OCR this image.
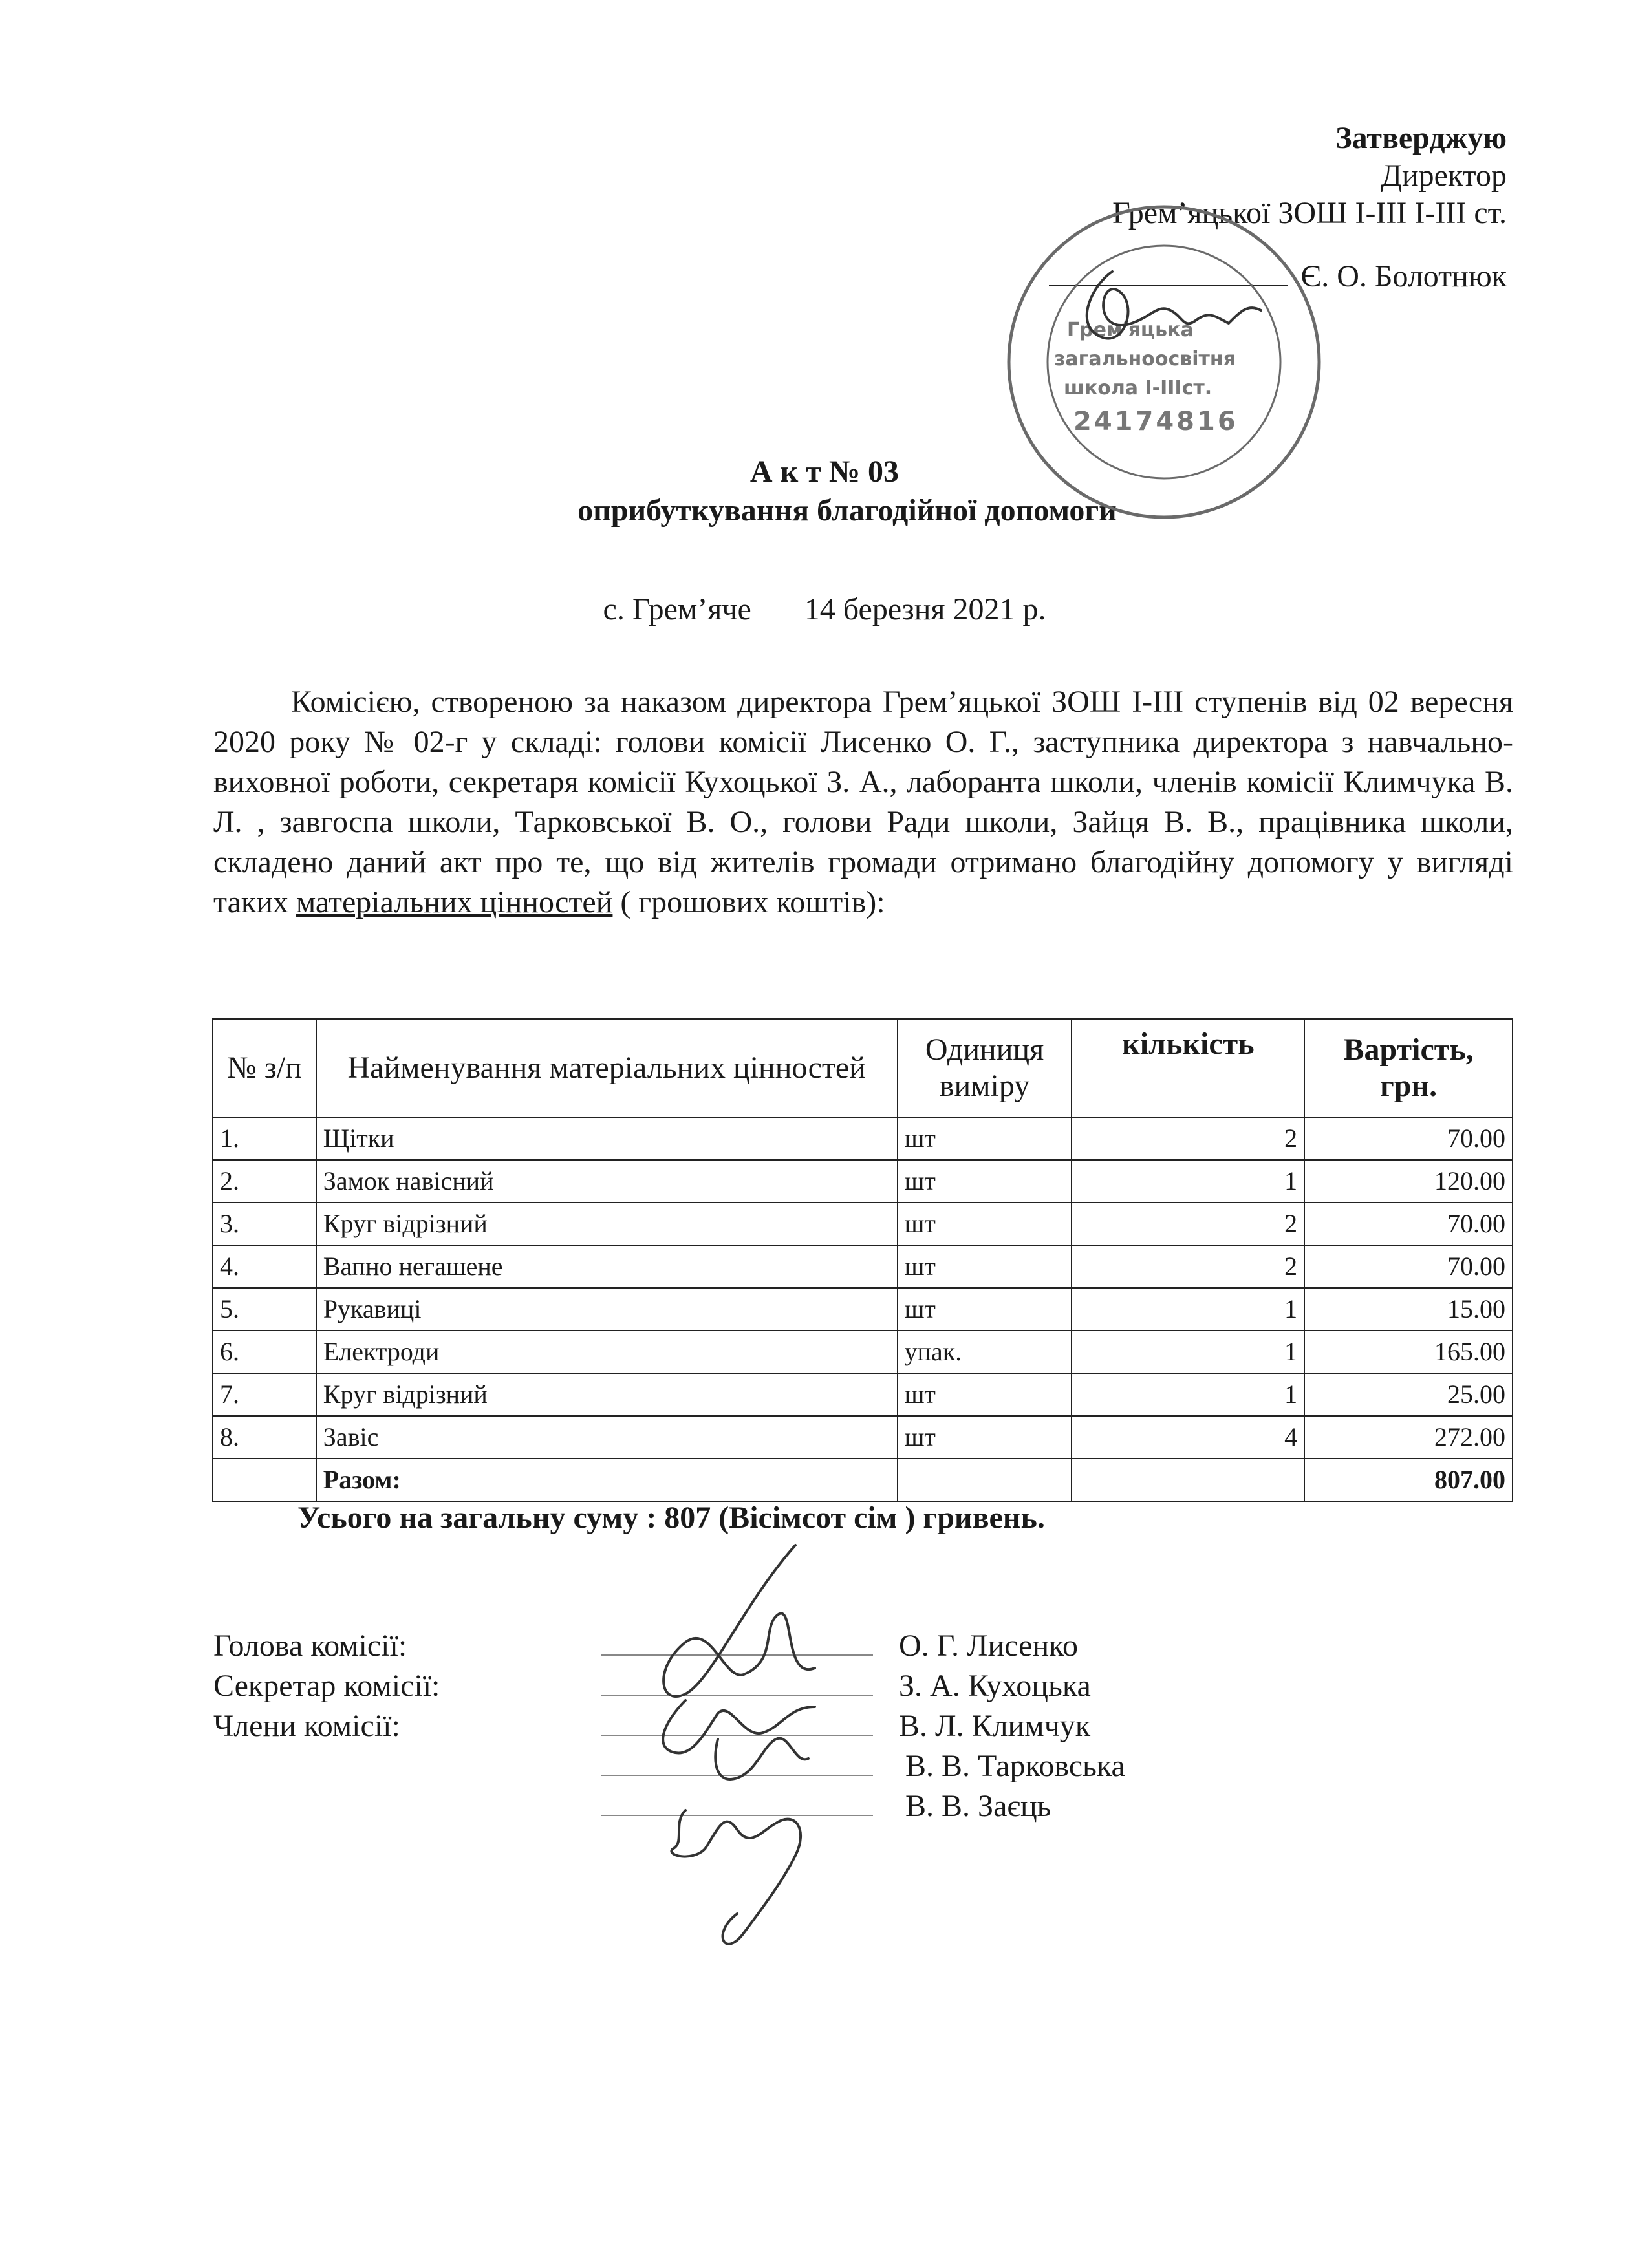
Затверджую
Директор
Грем’яцької ЗОШ І-ІІІ І-ІІІ ст.
Є. О. Болотнюк
А к т № 03
оприбуткування благодійної допомоги
с. Грем’яче 14 березня 2021 р.

Комісією, створеною за наказом директора Грем’яцької ЗОШ І-ІІІ ступенів від 02 вересня 2020 року № 02-г у складі: голови комісії Лисенко О. Г., заступника директора з навчально-виховної роботи, секретаря комісії Кухоцької З. А., лаборанта школи, членів комісії Климчука В. Л. , завгоспа школи, Тарковської В. О., голови Ради школи, Зайця В. В., працівника школи, складено даний акт про те, що від жителів громади отримано благодійну допомогу у вигляді таких матеріальних цінностей ( грошових коштів):

№ з/п	Найменування матеріальних цінностей	Одиниця виміру	кількість	Вартість, грн.
1.	Щітки	шт	2	70.00
2.	Замок навісний	шт	1	120.00
3.	Круг відрізний	шт	2	70.00
4.	Вапно негашене	шт	2	70.00
5.	Рукавиці	шт	1	15.00
6.	Електроди	упак.	1	165.00
7.	Круг відрізний	шт	1	25.00
8.	Завіс	шт	4	272.00
	Разом:			807.00
Усього на загальну суму : 807 (Вісімсот сім ) гривень.
Голова комісії:	О. Г. Лисенко
Секретар комісії:	З. А. Кухоцька
Члени комісії:	В. Л. Климчук
В. В. Тарковська
В. В. Заєць
Грем'яцька
загальноосвітня
школа І-ІІІст.
24174816
